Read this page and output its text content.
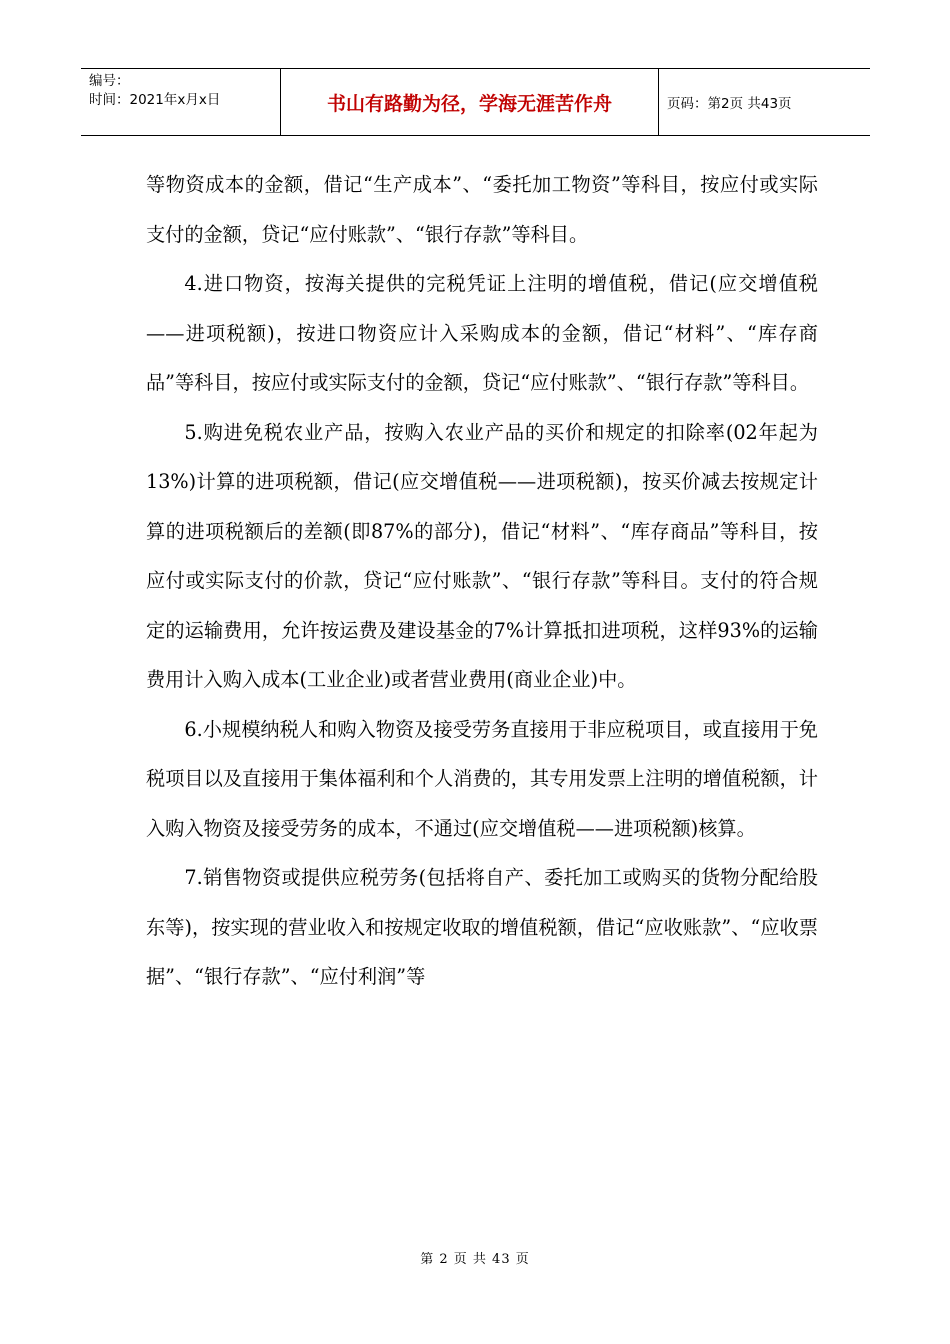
编号：
时间：2021年x月x日	书山有路勤为径，学海无涯苦作舟	页码：第2页 共43页

等物资成本的金额，借记“生产成本”、“委托加工物资”等科目，按应付或实际支付的金额，贷记“应付账款”、“银行存款”等科目。

4.进口物资，按海关提供的完税凭证上注明的增值税，借记(应交增值税——进项税额)，按进口物资应计入采购成本的金额，借记“材料”、“库存商品”等科目，按应付或实际支付的金额，贷记“应付账款”、“银行存款”等科目。

5.购进免税农业产品，按购入农业产品的买价和规定的扣除率(02年起为13%)计算的进项税额，借记(应交增值税——进项税额)，按买价减去按规定计算的进项税额后的差额(即87%的部分)，借记“材料”、“库存商品”等科目，按应付或实际支付的价款，贷记“应付账款”、“银行存款”等科目。支付的符合规定的运输费用，允许按运费及建设基金的7%计算抵扣进项税，这样93%的运输费用计入购入成本(工业企业)或者营业费用(商业企业)中。

6.小规模纳税人和购入物资及接受劳务直接用于非应税项目，或直接用于免税项目以及直接用于集体福利和个人消费的，其专用发票上注明的增值税额，计入购入物资及接受劳务的成本，不通过(应交增值税——进项税额)核算。

7.销售物资或提供应税劳务(包括将自产、委托加工或购买的货物分配给股东等)，按实现的营业收入和按规定收取的增值税额，借记“应收账款”、“应收票据”、“银行存款”、“应付利润”等

第 2 页 共 43 页
